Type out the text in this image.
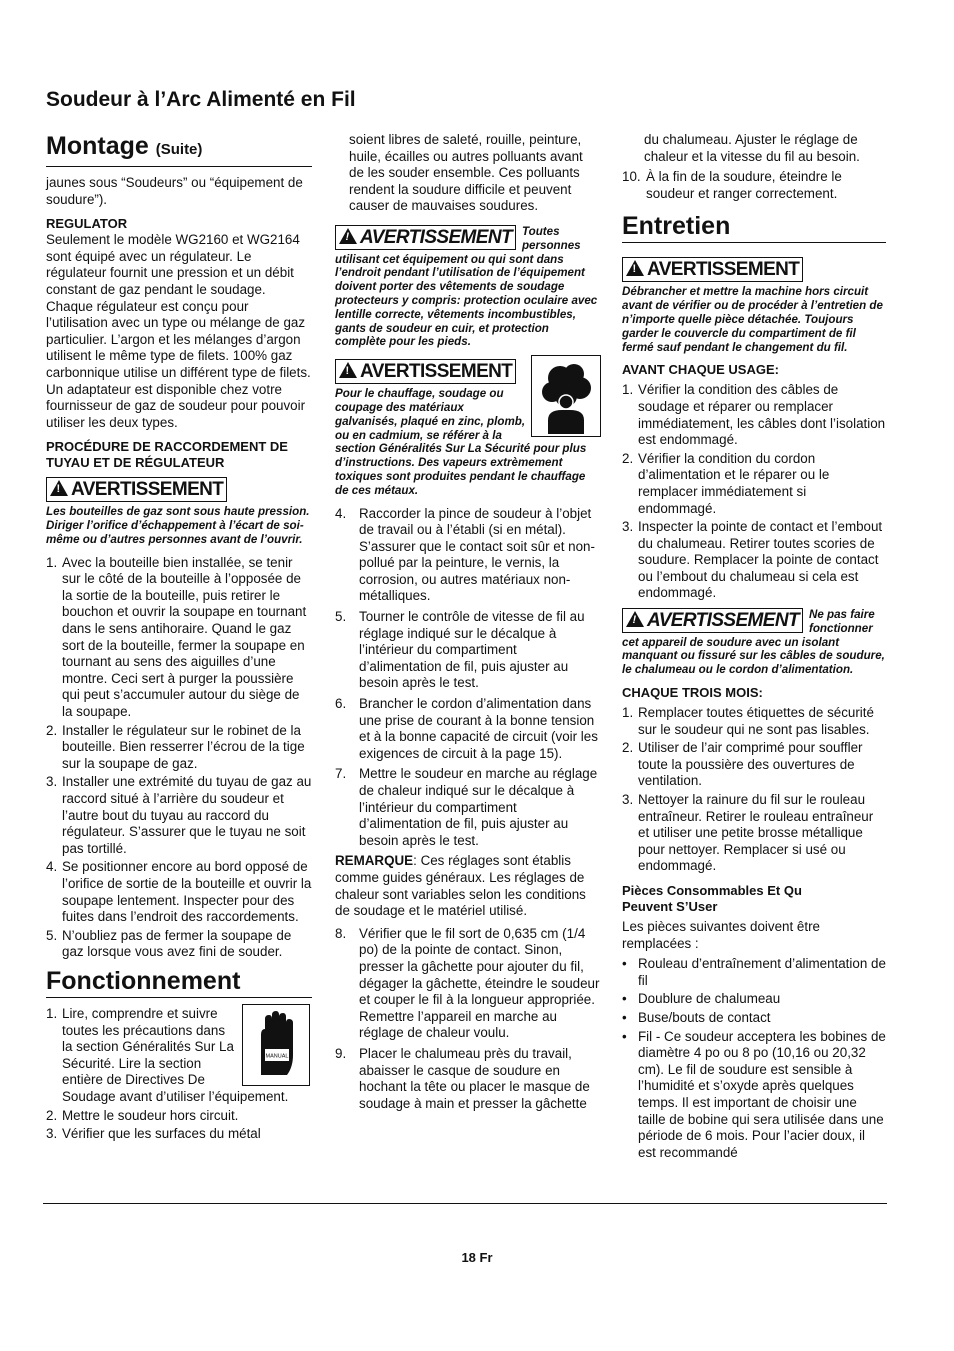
Soudeur à l’Arc Alimenté en Fil
Montage (Suite)

jaunes sous “Soudeurs” ou “équipement de soudure”).

REGULATOR

Seulement le modèle WG2160 et WG2164 sont équipé avec un régulateur. Le régulateur fournit une pression et un débit constant de gaz pendant le soudage. Chaque régulateur est conçu pour l’utilisation avec un type ou mélange de gaz particulier. L’argon et les mélanges d’argon utilisent le même type de filets. 100% gaz carbonnique utilise un différent type de filets. Un adaptateur est disponible chez votre fournisseur de gaz de soudeur pour pouvoir utiliser les deux types.

PROCÉDURE DE RACCORDEMENT DE TUYAU ET DE RÉGULATEUR
!AVERTISSEMENT
Les bouteilles de gaz sont sous haute pression. Diriger l’orifice d’échappement à l’écart de soi-même ou d’autres personnes avant de l’ouvrir.
1. Avec la bouteille bien installée, se tenir sur le côté de la bouteille à l’opposée de la sortie de la bouteille, puis retirer le bouchon et ouvrir la soupape en tournant dans le sens antihoraire. Quand le gaz sort de la bouteille, fermer la soupape en tournant au sens des aiguilles d’une montre. Ceci sert à purger la poussière qui peut s’accumuler autour du siège de la soupape.
2. Installer le régulateur sur le robinet de la bouteille. Bien resserrer l’écrou de la tige sur la soupape de gaz.
3. Installer une extrémité du tuyau de gaz au raccord situé à l’arrière du soudeur et l’autre bout du tuyau au raccord du régulateur. S’assurer que le tuyau ne soit pas tortillé.
4. Se positionner encore au bord opposé de l’orifice de sortie de la bouteille et ouvrir la soupape lentement. Inspecter pour des fuites dans l’endroit des raccordements.
5. N’oubliez pas de fermer la soupape de gaz lorsque vous avez fini de souder.
Fonctionnement
MANUAL
1. Lire, comprendre et suivre toutes les précautions dans la section Généralités Sur La Sécurité. Lire la section entière de Directives De Soudage avant d’utiliser l’équipement.
2. Mettre le soudeur hors circuit.
3. Vérifier que les surfaces du métal

soient libres de saleté, rouille, peinture, huile, écailles ou autres polluants avant de les souder ensemble. Ces polluants rendent la soudure difficile et peuvent causer de mauvaises soudures.

!AVERTISSEMENT Toutes personnes utilisant cet équipement ou qui sont dans l’endroit pendant l’utilisation de l’équipement doivent porter des vêtements de soudage protecteurs y compris: protection oculaire avec lentille correcte, vêtements incombustibles, gants de soudeur en cuir, et protection complète pour les pieds.
!AVERTISSEMENT
Pour le chauffage, soudage ou coupage des matériaux galvanisés, plaqué en zinc, plomb, ou en cadmium, se référer à la section Généralités Sur La Sécurité pour plus d’instructions. Des vapeurs extrèmement toxiques sont produites pendant le chauffage de ces métaux.
4. Raccorder la pince de soudeur à l’objet de travail ou à l’établi (si en métal). S’assurer que le contact soit sûr et non-pollué par la peinture, le vernis, la corrosion, ou autres matériaux non-métalliques.
5. Tourner le contrôle de vitesse de fil au réglage indiqué sur le décalque à l’intérieur du compartiment d’alimentation de fil, puis ajuster au besoin après le test.
6. Brancher le cordon d’alimentation dans une prise de courant à la bonne tension et à la bonne capacité de circuit (voir les exigences de circuit à la page 15).
7. Mettre le soudeur en marche au réglage de chaleur indiqué sur le décalque à l’intérieur du compartiment d’alimentation de fil, puis ajuster au besoin après le test.

REMARQUE: Ces réglages sont établis comme guides généraux. Les réglages de chaleur sont variables selon les conditions de soudage et le matériel utilisé.

8. Vérifier que le fil sort de 0,635 cm (1/4 po) de la pointe de contact. Sinon, presser la gâchette pour ajouter du fil, dégager la gâchette, éteindre le soudeur et couper le fil à la longueur appropriée. Remettre l’appareil en marche au réglage de chaleur voulu.
9. Placer le chalumeau près du travail, abaisser le casque de soudure en hochant la tête ou placer le masque de soudage à main et presser la gâchette

du chalumeau. Ajuster le réglage de chaleur et la vitesse du fil au besoin.

10. À la fin de la soudure, éteindre le soudeur et ranger correctement.
Entretien
!AVERTISSEMENT
Débrancher et mettre la machine hors circuit avant de vérifier ou de procéder à l’entretien de n’importe quelle pièce détachée. Toujours garder le couvercle du compartiment de fil fermé sauf pendant le changement du fil.
AVANT CHAQUE USAGE:
1. Vérifier la condition des câbles de soudage et réparer ou remplacer immédiatement, les câbles dont l’isolation est endommagé.
2. Vérifier la condition du cordon d’alimentation et le réparer ou le remplacer immédiatement si endommagé.
3. Inspecter la pointe de contact et l’embout du chalumeau. Retirer toutes scories de soudure. Remplacer la pointe de contact ou l’embout du chalumeau si cela est endommagé.
!AVERTISSEMENT Ne pas faire fonctionner cet appareil de soudure avec un isolant manquant ou fissuré sur les câbles de soudure, le chalumeau ou le cordon d’alimentation.
CHAQUE TROIS MOIS:
1. Remplacer toutes étiquettes de sécurité sur le soudeur qui ne sont pas lisables.
2. Utiliser de l’air comprimé pour souffler toute la poussière des ouvertures de ventilation.
3. Nettoyer la rainure du fil sur le rouleau entraîneur. Retirer le rouleau entraîneur et utiliser une petite brosse métallique pour nettoyer. Remplacer si usé ou endommagé.
Pièces Consommables Et Qu Peuvent S’User

Les pièces suivantes doivent être remplacées :

• Rouleau d’entraînement d’alimentation de fil
• Doublure de chalumeau
• Buse/bouts de contact
• Fil - Ce soudeur acceptera les bobines de diamètre 4 po ou 8 po (10,16 ou 20,32 cm). Le fil de soudure est sensible à l’humidité et s’oxyde après quelques temps. Il est important de choisir une taille de bobine qui sera utilisée dans une période de 6 mois. Pour l’acier doux, il est recommandé
18 Fr
